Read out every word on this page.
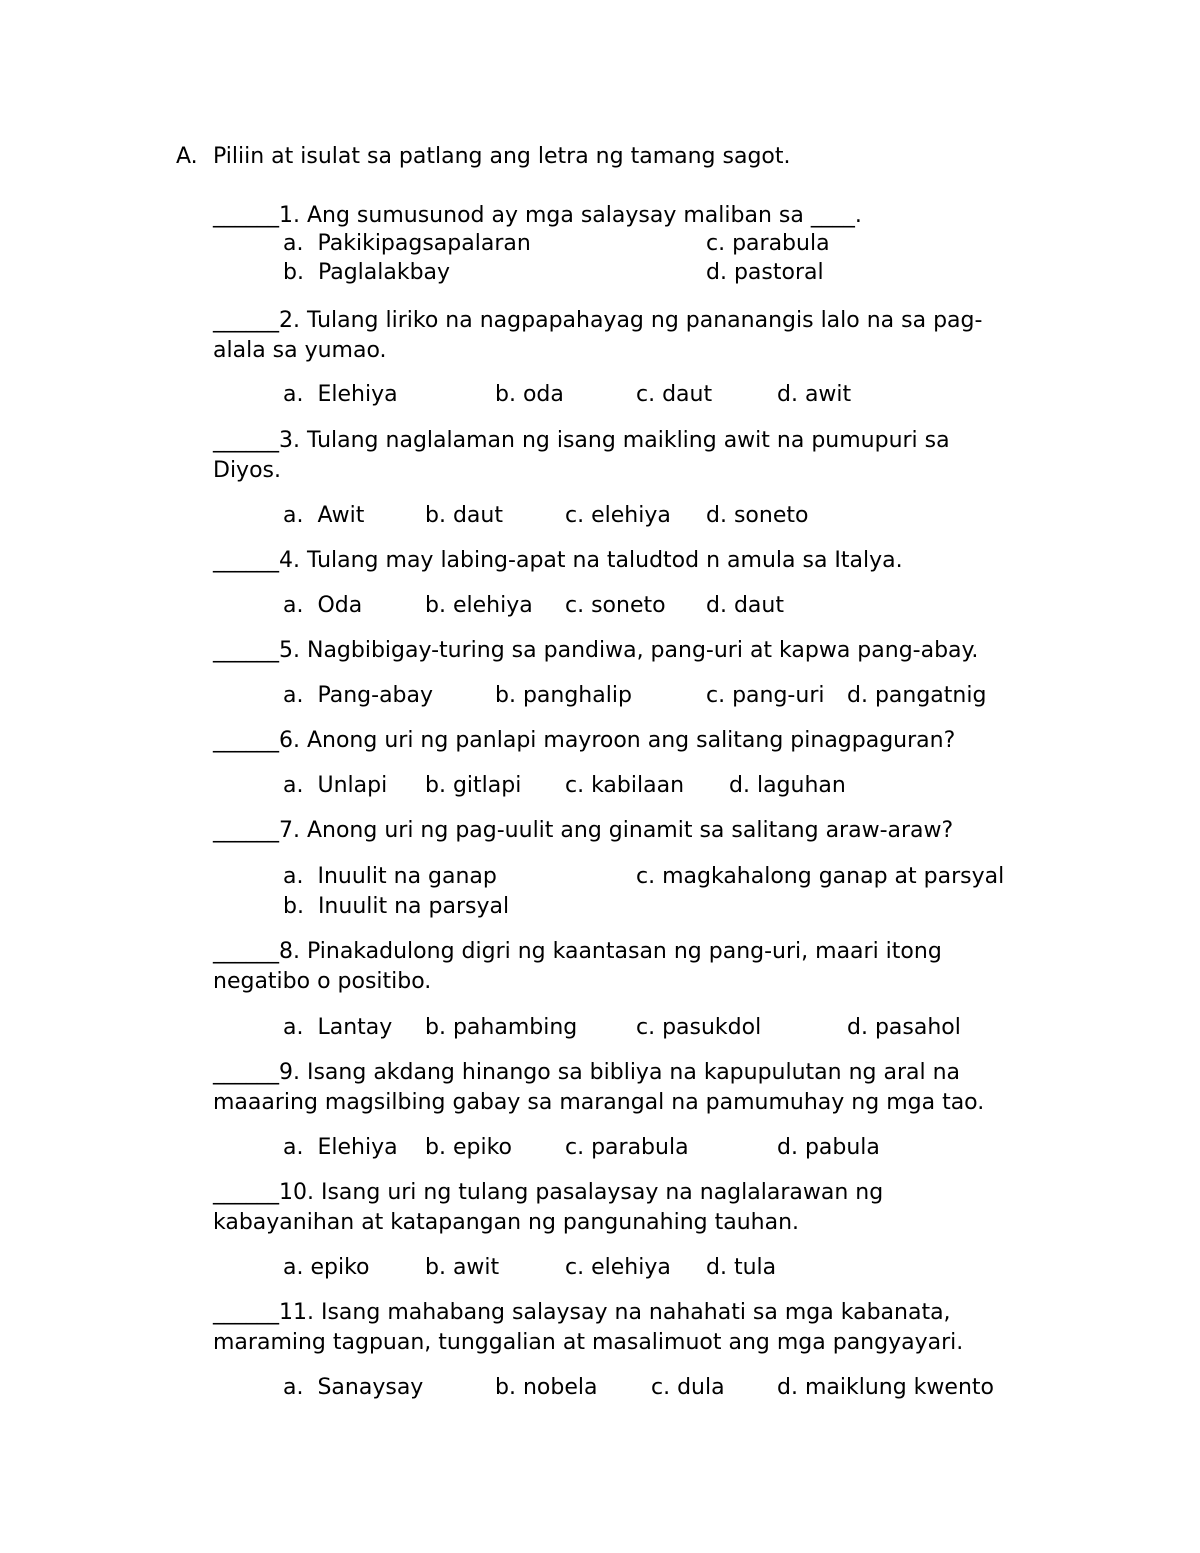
A. Piliin at isulat sa patlang ang letra ng tamang sagot.

______1. Ang sumusunod ay mga salaysay maliban sa ____.

a.  Pakikipagsapalaran	c. parabula

b.  Paglalakbay	d. pastoral

______2. Tulang liriko na nagpapahayag ng pananangis lalo na sa pag-

alala sa yumao.

a.  Elehiya	b. oda	c. daut	d. awit

______3. Tulang naglalaman ng isang maikling awit na pumupuri sa

Diyos.

a.  Awit	b. daut	c. elehiya d. soneto

______4. Tulang may labing-apat na taludtod n amula sa Italya.

a.  Oda	b. elehiya c. soneto d. daut

______5. Nagbibigay-turing sa pandiwa, pang-uri at kapwa pang-abay.

a.  Pang-abay	b. panghalip	c. pang-uri d. pangatnig

______6. Anong uri ng panlapi mayroon ang salitang pinagpaguran?

a.  Unlapi b. gitlapi c. kabilaan d. laguhan

______7. Anong uri ng pag-uulit ang ginamit sa salitang araw-araw?

a.  Inuulit na ganap	c. magkahalong ganap at parsyal

b.  Inuulit na parsyal

______8. Pinakadulong digri ng kaantasan ng pang-uri, maari itong

negatibo o positibo.

a.  Lantay b. pahambing	c. pasukdol	d. pasahol

______9. Isang akdang hinango sa bibliya na kapupulutan ng aral na

maaaring magsilbing gabay sa marangal na pamumuhay ng mga tao.

a.  Elehiya b. epiko c. parabula	d. pabula

______10. Isang uri ng tulang pasalaysay na naglalarawan ng

kabayanihan at katapangan ng pangunahing tauhan.

a. epiko	b. awit	c. elehiya d. tula

______11. Isang mahabang salaysay na nahahati sa mga kabanata,

maraming tagpuan, tunggalian at masalimuot ang mga pangyayari.

a.  Sanaysay	b. nobela c. dula d. maiklung kwento
